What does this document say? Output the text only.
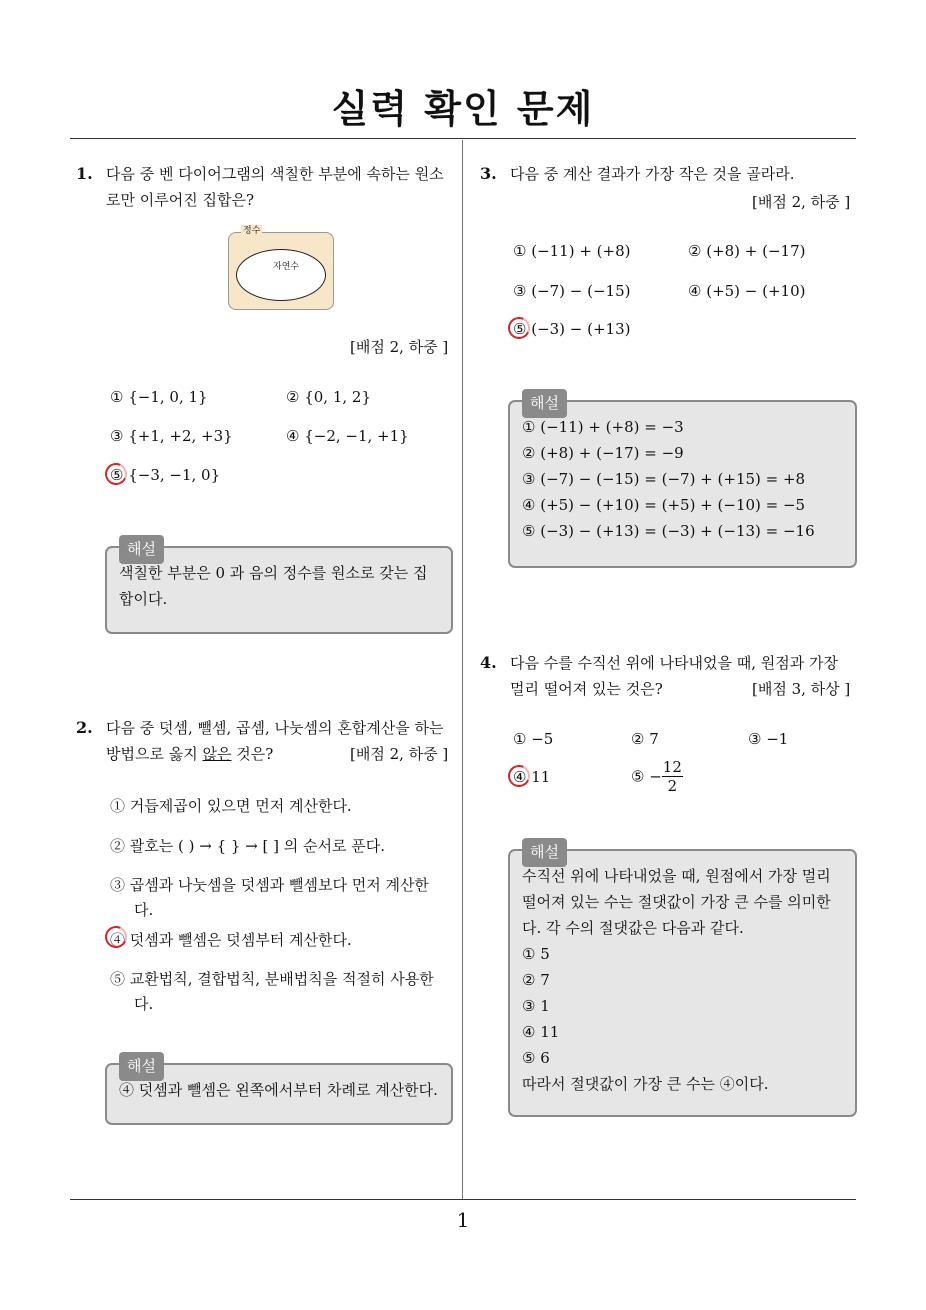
실력 확인 문제
1. 다음 중 벤 다이어그램의 색칠한 부분에 속하는 원소
로만 이루어진 집합은?
정수
자연수
[배점 2, 하중 ]
① {−1, 0, 1}	② {0, 1, 2}
③ {+1, +2, +3}	④ {−2, −1, +1}
⑤ {−3, −1, 0}
해설
색칠한 부분은 0 과 음의 정수를 원소로 갖는 집
합이다.
2. 다음 중 덧셈, 뺄셈, 곱셈, 나눗셈의 혼합계산을 하는
방법으로 옳지 않은 것은?	[배점 2, 하중 ]
① 거듭제곱이 있으면 먼저 계산한다.
② 괄호는 ( ) → { } → [ ] 의 순서로 푼다.
③ 곱셈과 나눗셈을 덧셈과 뺄셈보다 먼저 계산한
다.
④ 덧셈과 뺄셈은 덧셈부터 계산한다.
⑤ 교환법칙, 결합법칙, 분배법칙을 적절히 사용한
다.
해설
④ 덧셈과 뺄셈은 왼쪽에서부터 차례로 계산한다.
3. 다음 중 계산 결과가 가장 작은 것을 골라라.
[배점 2, 하중 ]
① (−11) + (+8)	② (+8) + (−17)
③ (−7) − (−15)	④ (+5) − (+10)
⑤ (−3) − (+13)
해설
① (−11) + (+8) = −3
② (+8) + (−17) = −9
③ (−7) − (−15) = (−7) + (+15) = +8
④ (+5) − (+10) = (+5) + (−10) = −5
⑤ (−3) − (+13) = (−3) + (−13) = −16
4. 다음 수를 수직선 위에 나타내었을 때, 원점과 가장
멀리 떨어져 있는 것은?	[배점 3, 하상 ]
① −5	② 7	③ −1
④ 11	⑤ − $\frac{12}{2}$
해설
수직선 위에 나타내었을 때, 원점에서 가장 멀리
떨어져 있는 수는 절댓값이 가장 큰 수를 의미한
다. 각 수의 절댓값은 다음과 같다.
① 5
② 7
③ 1
④ 11
⑤ 6
따라서 절댓값이 가장 큰 수는 ④이다.
1
